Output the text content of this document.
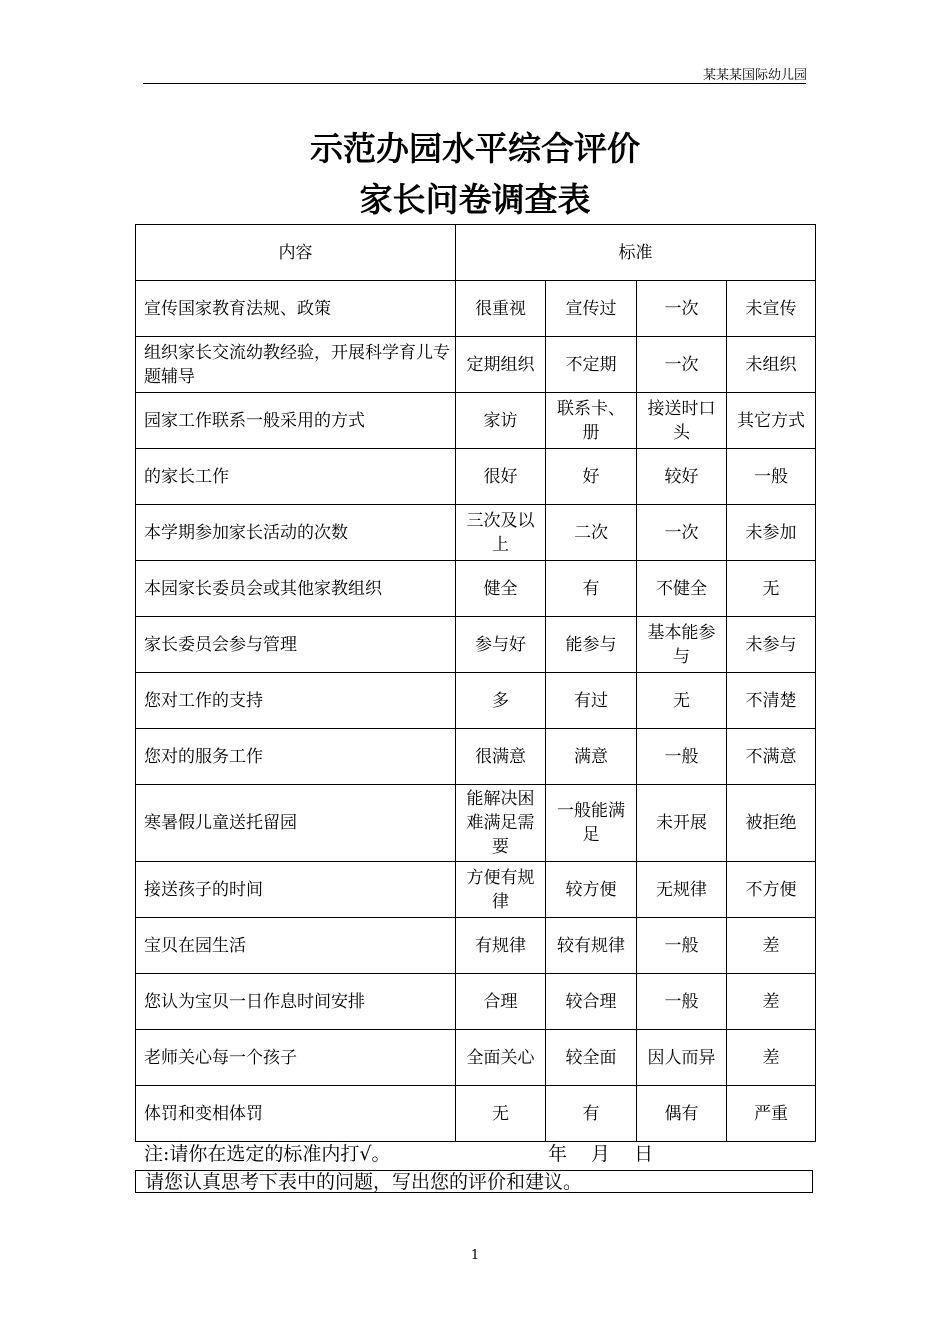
某某某国际幼儿园
示范办园水平综合评价
家长问卷调查表
内容	标准			
宣传国家教育法规、政策	很重视	宣传过	一次	未宣传
组织家长交流幼教经验，开展科学育儿专题辅导	定期组织	不定期	一次	未组织
园家工作联系一般采用的方式	家访	联系卡、册	接送时口头	其它方式
的家长工作	很好	好	较好	一般
本学期参加家长活动的次数	三次及以上	二次	一次	未参加
本园家长委员会或其他家教组织	健全	有	不健全	无
家长委员会参与管理	参与好	能参与	基本能参与	未参与
您对工作的支持	多	有过	无	不清楚
您对的服务工作	很满意	满意	一般	不满意
寒暑假儿童送托留园	能解决困难满足需要	一般能满足	未开展	被拒绝
接送孩子的时间	方便有规律	较方便	无规律	不方便
宝贝在园生活	有规律	较有规律	一般	差
您认为宝贝一日作息时间安排	合理	较合理	一般	差
老师关心每一个孩子	全面关心	较全面	因人而异	差
体罚和变相体罚	无	有	偶有	严重
注:请你在选定的标准内打√。	年 月 日
请您认真思考下表中的问题，写出您的评价和建议。
1
